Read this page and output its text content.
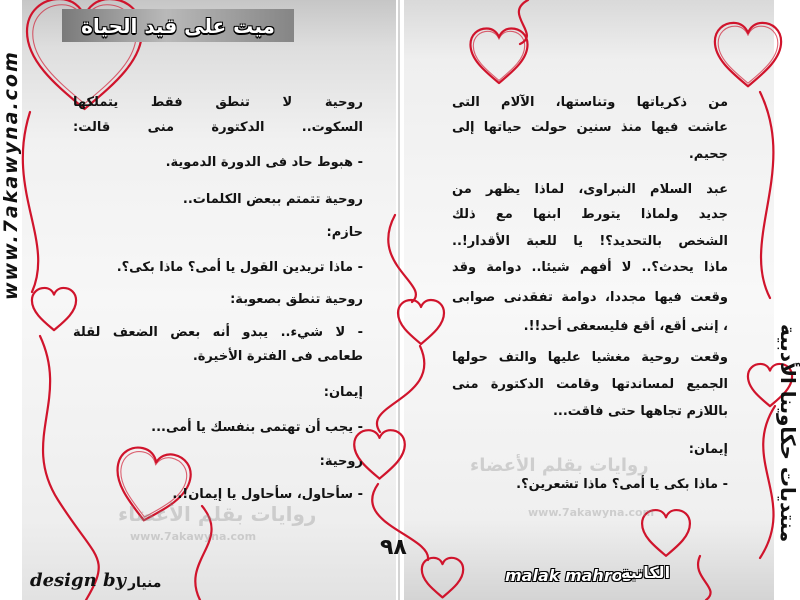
ميت على قيد الحياة
www.7akawyna.com
منتديات حكاوينا الأدبية
روايات بقلم الأعضاء
www.7akawyna.com
روايات بقلم الأعضاء
www.7akawyna.com
روحية لا تنطق فقط يتملكها
السكوت.. الدكتورة منى قالت:
- هبوط حاد فى الدورة الدموية.
روحية تتمتم ببعض الكلمات..
حازم:
- ماذا تريدين القول يا أمى؟ ماذا بكى؟.
روحية تنطق بصعوبة:
- لا شيء.. يبدو أنه بعض الضعف لقلة
طعامى فى الفترة الأخيرة.
إيمان:
- يجب أن تهتمى بنفسك يا أمى...
روحية:
- سأحاول، سأحاول يا إيمان!..
من ذكرياتها وتناستها، الآلام التى
عاشت فيها منذ سنين حولت حياتها إلى
جحيم.
عبد السلام النبراوى، لماذا يظهر من
جديد ولماذا يتورط ابنها مع ذلك
الشخص بالتحديد؟! يا للعبة الأقدار!..
ماذا يحدث؟.. لا أفهم شيئا.. دوامة وقد
وقعت فيها مجددا، دوامة تفقدنى صوابى
، إننى أقع، أقع فليسعفى أحد!!.
وقعت روحية مغشيا عليها والتف حولها
الجميع لمساندتها وقامت الدكتورة منى
باللازم تجاهها حتى فاقت...
إيمان:
- ماذا بكى يا أمى؟ ماذا تشعرين؟.
٩٨
malak mahros
الكاتبة
design by منيار
